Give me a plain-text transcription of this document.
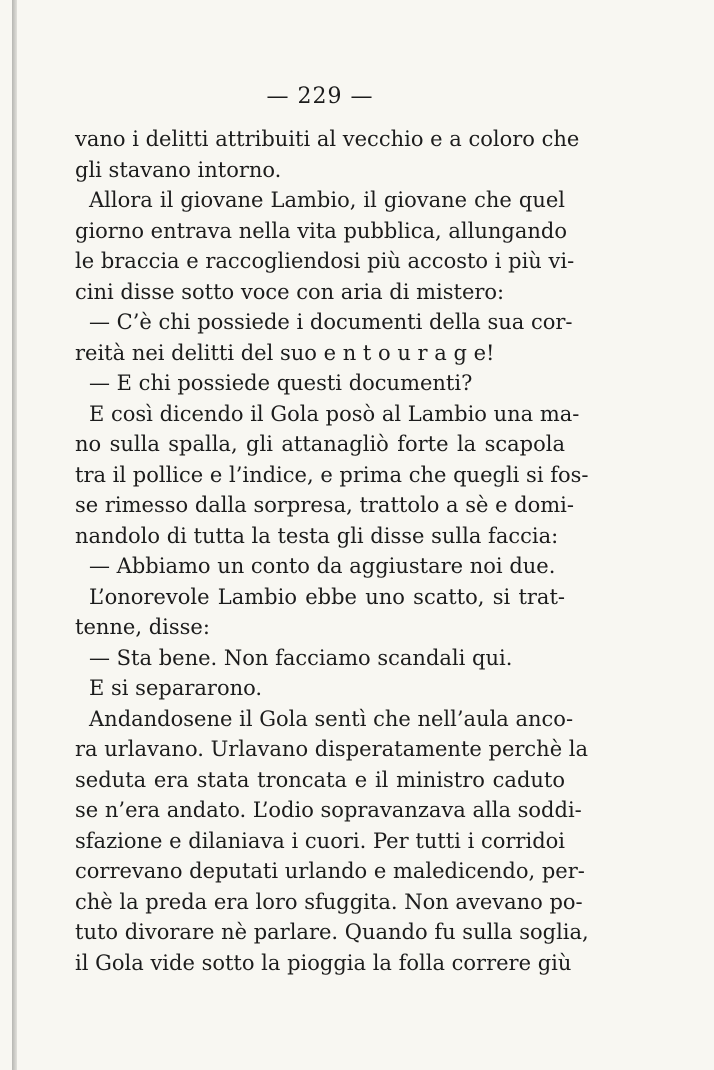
— 229 —
vano i delitti attribuiti al vecchio e a coloro che
gli stavano intorno.
Allora il giovane Lambio, il giovane che quel
giorno entrava nella vita pubblica, allungando
le braccia e raccogliendosi più accosto i più vi-
cini disse sotto voce con aria di mistero:
— C’è chi possiede i documenti della sua cor-
reità nei delitti del suo e n t o u r a g e!
— E chi possiede questi documenti?
E così dicendo il Gola posò al Lambio una ma-
no sulla spalla, gli attanagliò forte la scapola
tra il pollice e l’indice, e prima che quegli si fos-
se rimesso dalla sorpresa, trattolo a sè e domi-
nandolo di tutta la testa gli disse sulla faccia:
— Abbiamo un conto da aggiustare noi due.
L’onorevole Lambio ebbe uno scatto, si trat-
tenne, disse:
— Sta bene. Non facciamo scandali qui.
E si separarono.
Andandosene il Gola sentì che nell’aula anco-
ra urlavano. Urlavano disperatamente perchè la
seduta era stata troncata e il ministro caduto
se n’era andato. L’odio sopravanzava alla soddi-
sfazione e dilaniava i cuori. Per tutti i corridoi
correvano deputati urlando e maledicendo, per-
chè la preda era loro sfuggita. Non avevano po-
tuto divorare nè parlare. Quando fu sulla soglia,
il Gola vide sotto la pioggia la folla correre giù
